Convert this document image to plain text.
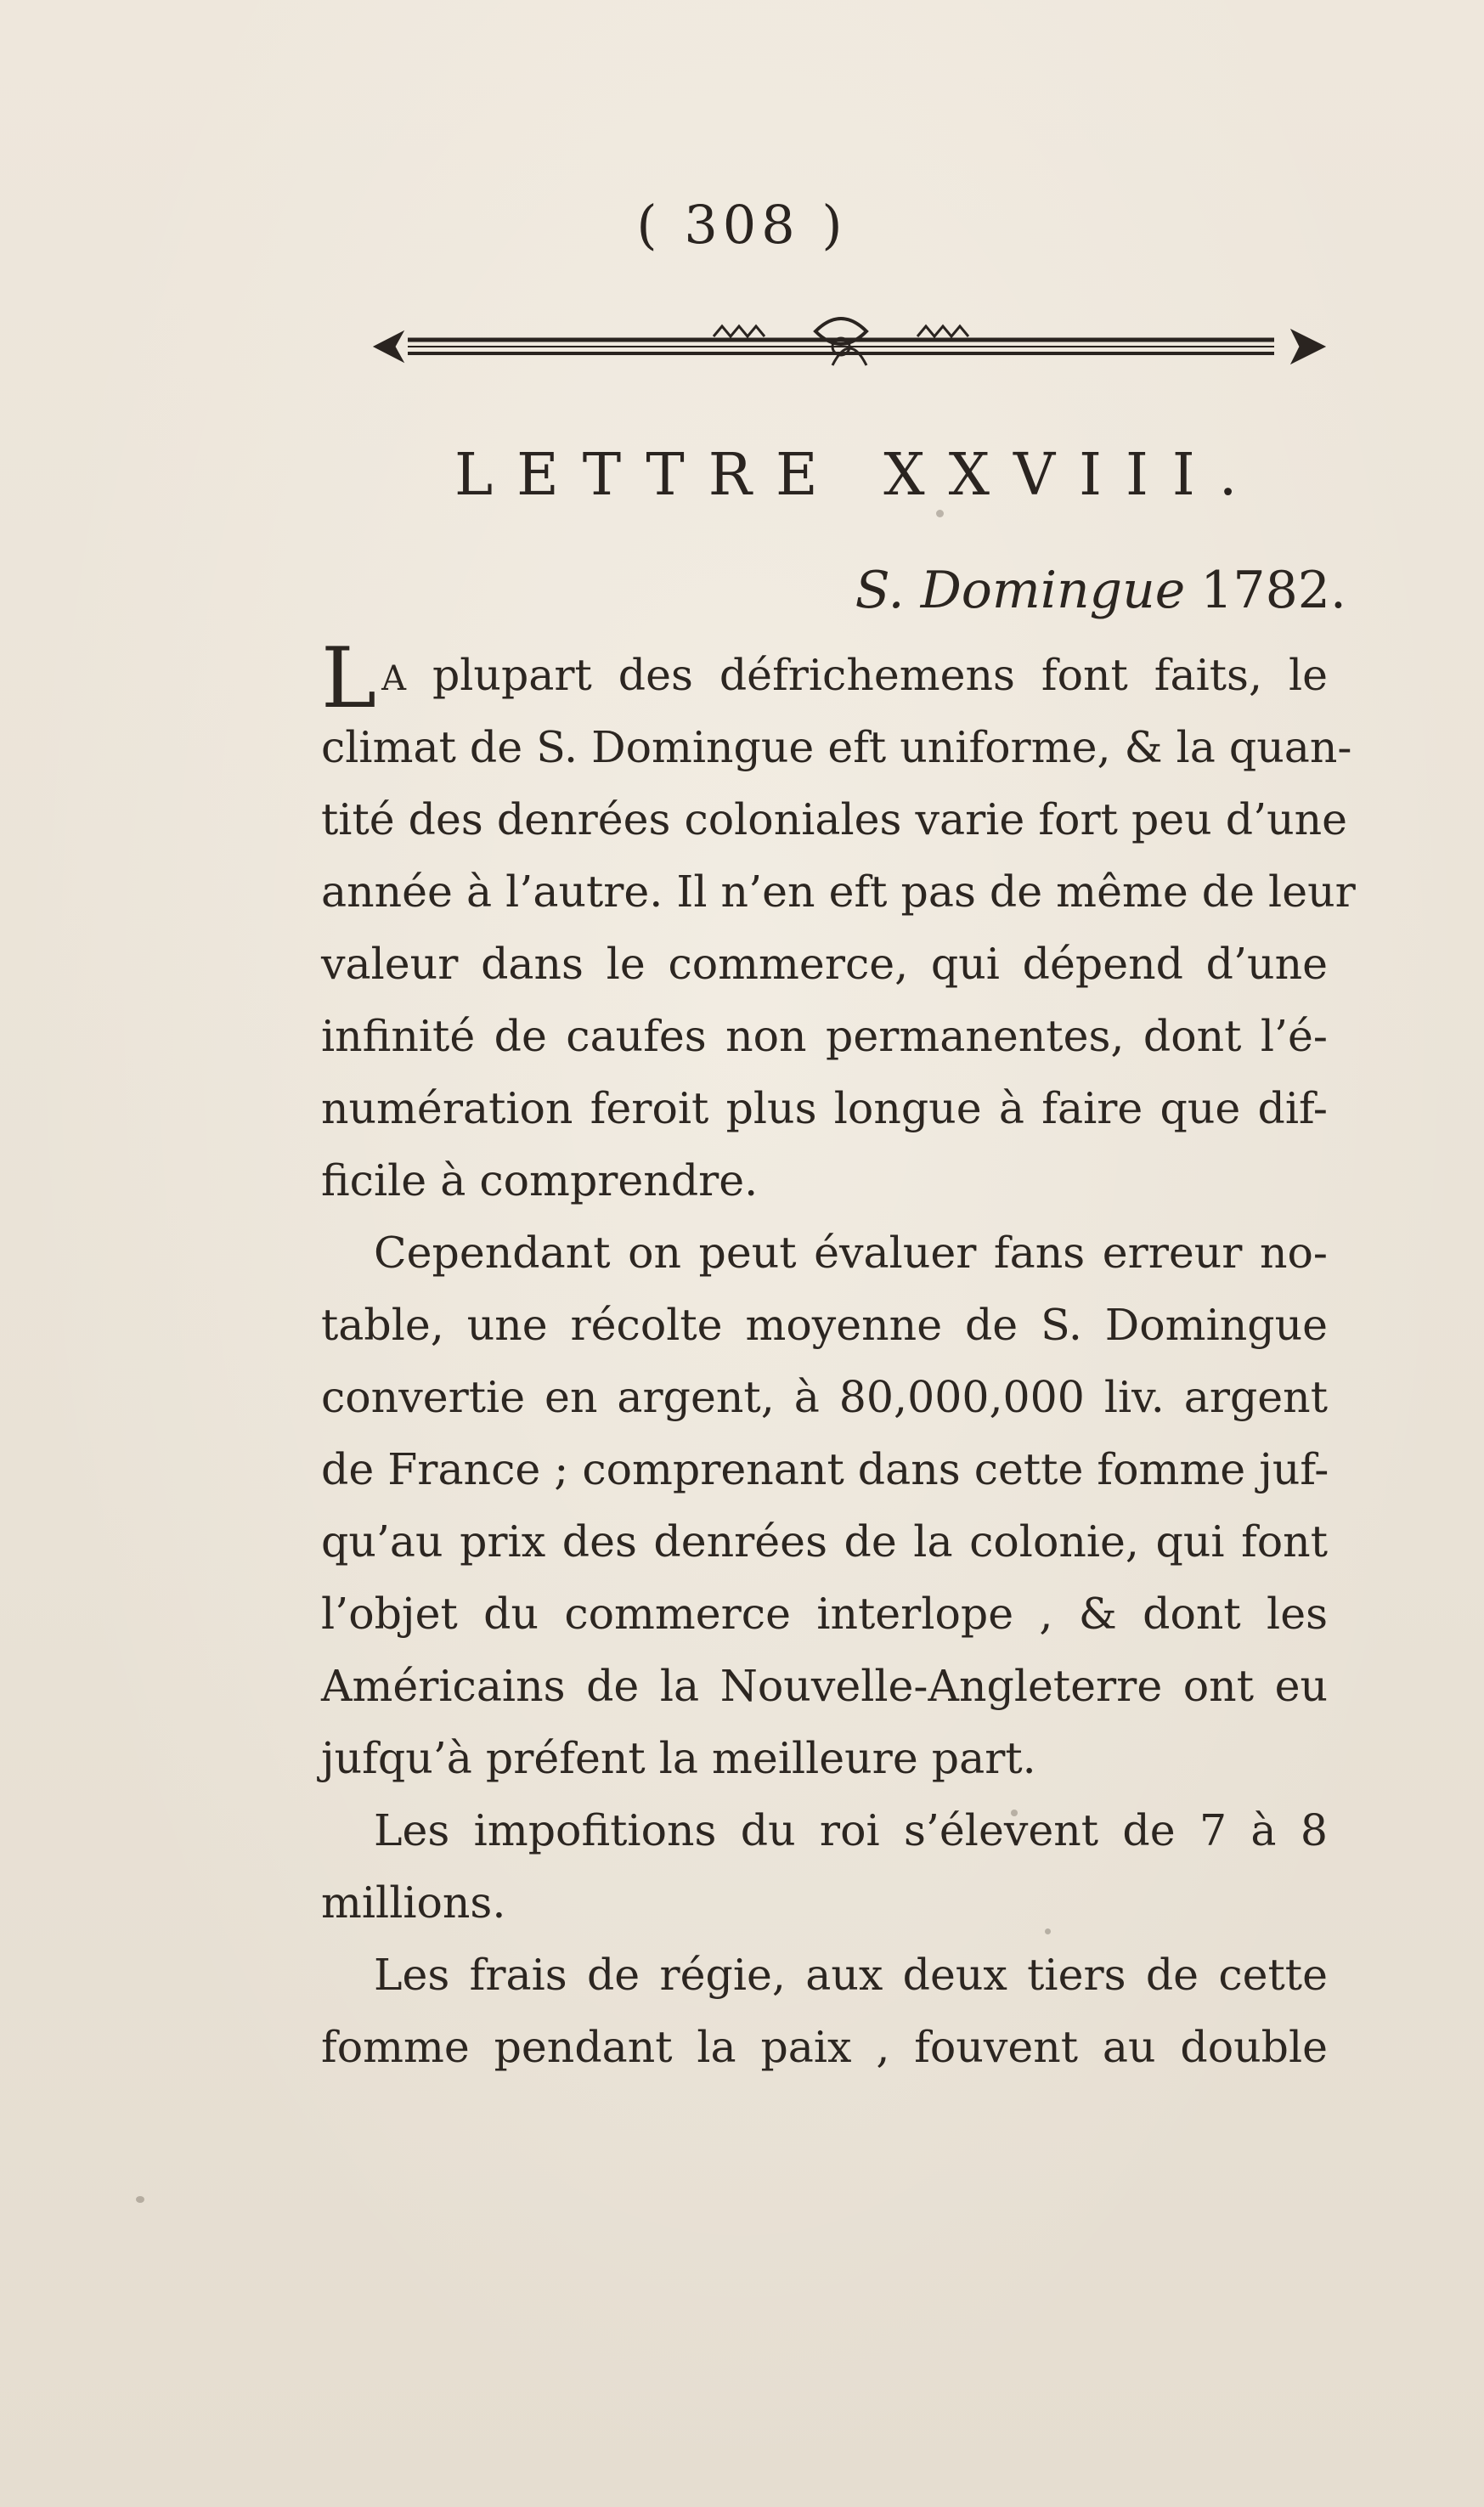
( 308 )
LETTRE XXVIII.
S. Domingue 1782.
L A plupart des défrichemens font faits, le
climat de S. Domingue eft uniforme, & la quan-
tité des denrées coloniales varie fort peu d’une
année à l’autre. Il n’en eft pas de même de leur
valeur dans le commerce, qui dépend d’une
infinité de caufes non permanentes, dont l’é-
numération feroit plus longue à faire que dif-
ficile à comprendre.
Cependant on peut évaluer fans erreur no-
table, une récolte moyenne de S. Domingue
convertie en argent, à 80,000,000 liv. argent
de France ; comprenant dans cette fomme juf-
qu’au prix des denrées de la colonie, qui font
l’objet du commerce interlope , & dont les
Américains de la Nouvelle-Angleterre ont eu
jufqu’à préfent la meilleure part.
Les impofitions du roi s’élevent de 7 à 8
millions.
Les frais de régie, aux deux tiers de cette
fomme pendant la paix , fouvent au double
